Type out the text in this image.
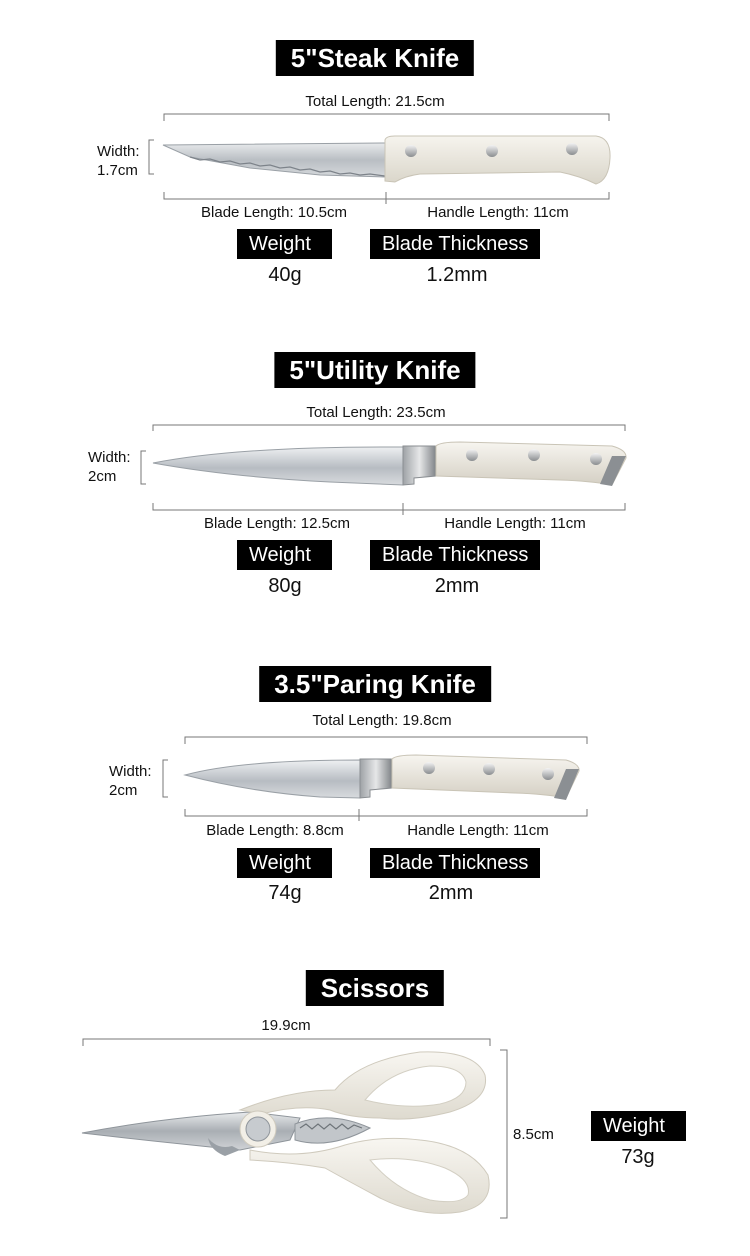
5"Steak Knife
Total Length: 21.5cm
Width:
1.7cm
Blade Length: 10.5cm	Handle Length: 11cm
Weight	Blade Thickness
40g	1.2mm
5"Utility Knife
Total Length: 23.5cm
Width:
2cm
Blade Length: 12.5cm	Handle Length: 11cm
Weight	Blade Thickness
80g	2mm
3.5"Paring Knife
Total Length: 19.8cm
Width:
2cm
Blade Length: 8.8cm	Handle Length: 11cm
Weight	Blade Thickness
74g	2mm
Scissors
19.9cm
8.5cm	Weight
73g
